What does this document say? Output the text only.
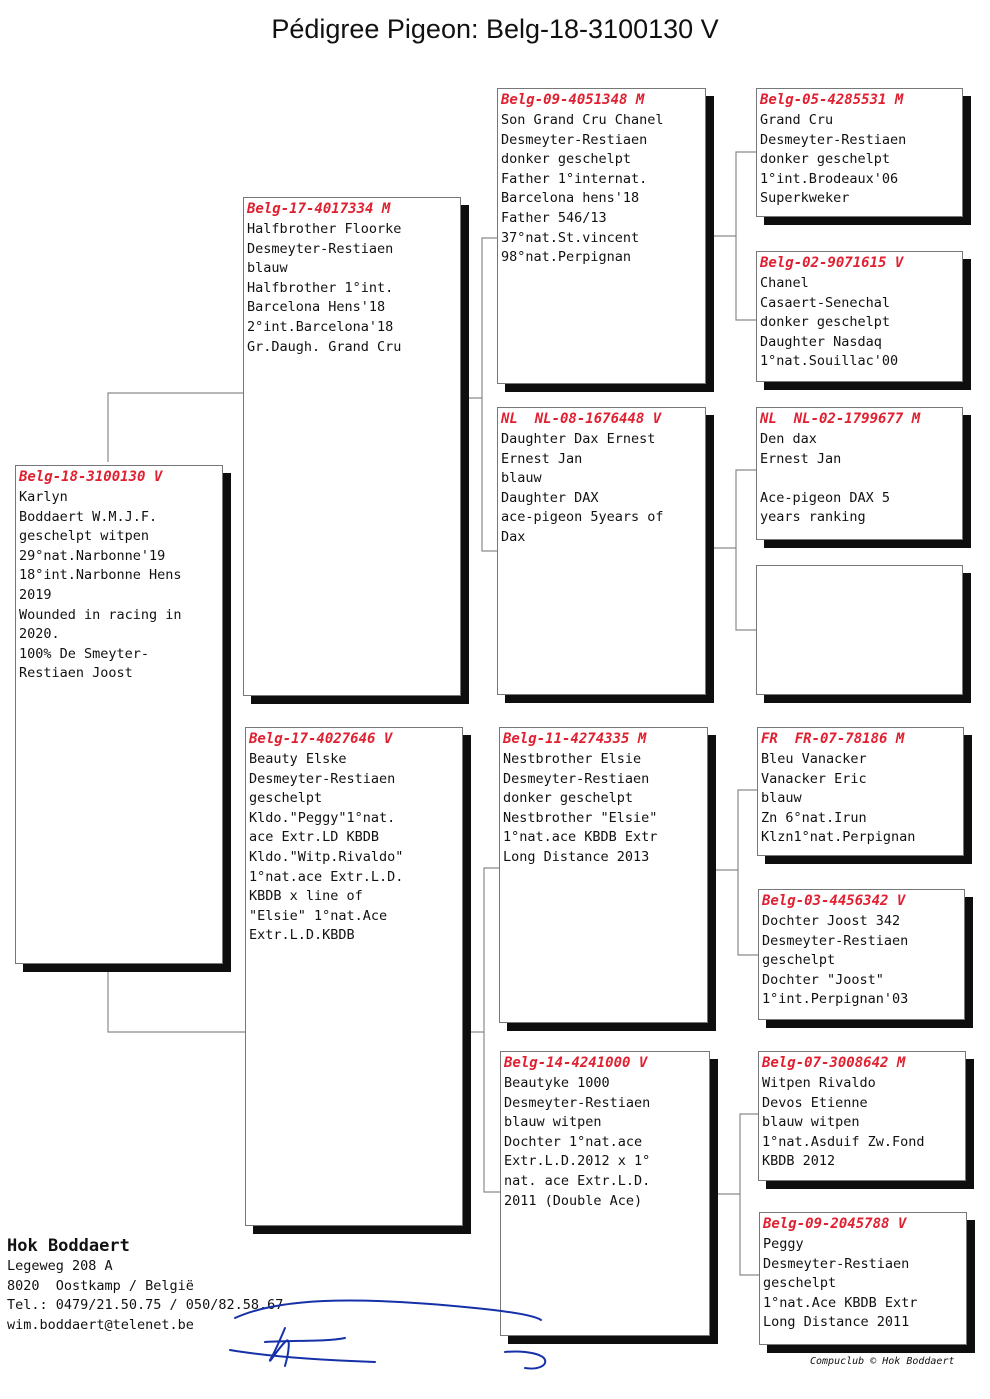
Pédigree Pigeon: Belg-18-3100130 V
Belg-18-3100130 V
Karlyn
Boddaert W.M.J.F.
geschelpt witpen
29°nat.Narbonne'19
18°int.Narbonne Hens
2019
Wounded in racing in
2020.
100% De Smeyter-
Restiaen Joost
Belg-17-4017334 M
Halfbrother Floorke
Desmeyter-Restiaen
blauw
Halfbrother 1°int.
Barcelona Hens'18
2°int.Barcelona'18
Gr.Daugh. Grand Cru
Belg-17-4027646 V
Beauty Elske
Desmeyter-Restiaen
geschelpt
Kldo."Peggy"1°nat.
ace Extr.LD KBDB
Kldo."Witp.Rivaldo"
1°nat.ace Extr.L.D.
KBDB x line of
"Elsie" 1°nat.Ace
Extr.L.D.KBDB
Belg-09-4051348 M
Son Grand Cru Chanel
Desmeyter-Restiaen
donker geschelpt
Father 1°internat.
Barcelona hens'18
Father 546/13
37°nat.St.vincent
98°nat.Perpignan
NL  NL-08-1676448 V
Daughter Dax Ernest
Ernest Jan
blauw
Daughter DAX
ace-pigeon 5years of
Dax
Belg-11-4274335 M
Nestbrother Elsie
Desmeyter-Restiaen
donker geschelpt
Nestbrother "Elsie"
1°nat.ace KBDB Extr
Long Distance 2013
Belg-14-4241000 V
Beautyke 1000
Desmeyter-Restiaen
blauw witpen
Dochter 1°nat.ace
Extr.L.D.2012 x 1°
nat. ace Extr.L.D.
2011 (Double Ace)
Belg-05-4285531 M
Grand Cru
Desmeyter-Restiaen
donker geschelpt
1°int.Brodeaux'06
Superkweker
Belg-02-9071615 V
Chanel
Casaert-Senechal
donker geschelpt
Daughter Nasdaq
1°nat.Souillac'00
NL  NL-02-1799677 M
Den dax
Ernest Jan
Ace-pigeon DAX 5
years ranking
FR  FR-07-78186 M
Bleu Vanacker
Vanacker Eric
blauw
Zn 6°nat.Irun
Klzn1°nat.Perpignan
Belg-03-4456342 V
Dochter Joost 342
Desmeyter-Restiaen
geschelpt
Dochter "Joost"
1°int.Perpignan'03
Belg-07-3008642 M
Witpen Rivaldo
Devos Etienne
blauw witpen
1°nat.Asduif Zw.Fond
KBDB 2012
Belg-09-2045788 V
Peggy
Desmeyter-Restiaen
geschelpt
1°nat.Ace KBDB Extr
Long Distance 2011
Hok Boddaert
Legeweg 208 A
8020  Oostkamp / België
Tel.: 0479/21.50.75 / 050/82.58.67
wim.boddaert@telenet.be
Compuclub © Hok Boddaert
